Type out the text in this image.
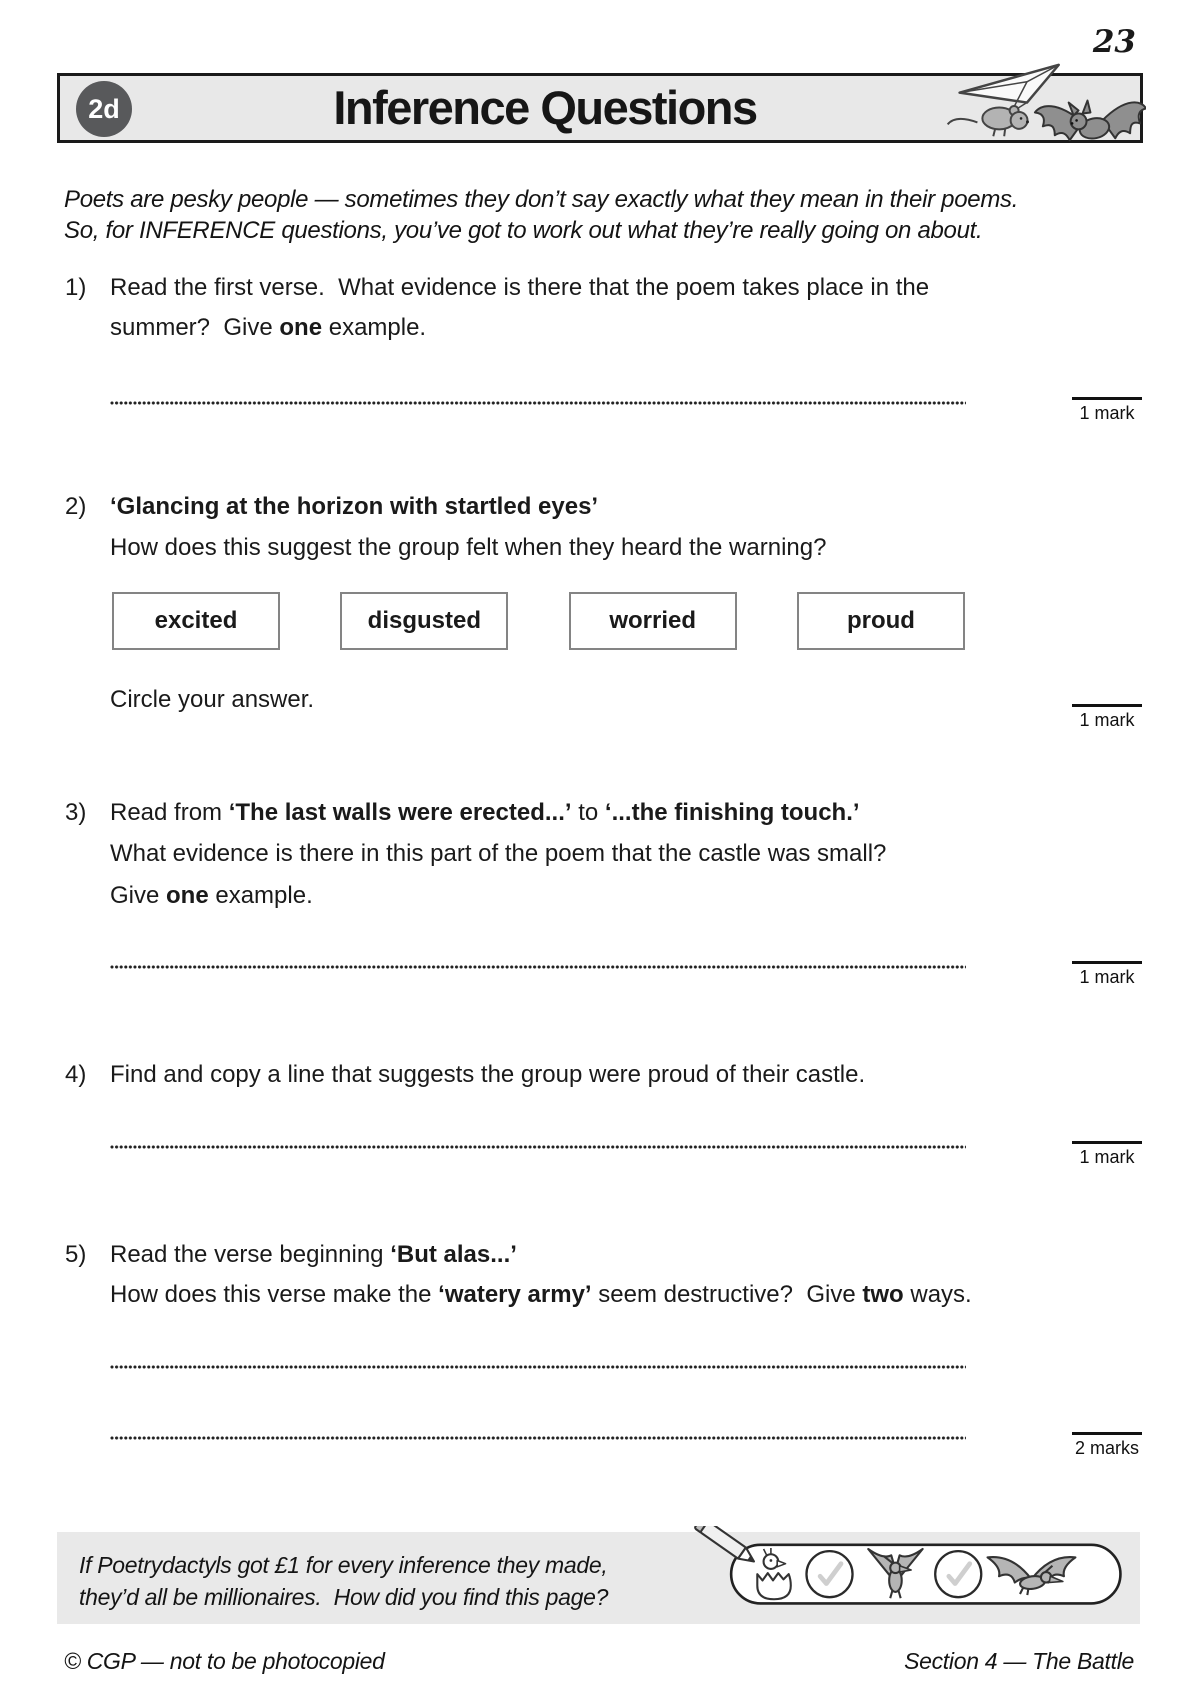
23
2d	Inference Questions

Poets are pesky people — sometimes they don’t say exactly what they mean in their poems.

So, for INFERENCE questions, you’ve got to work out what they’re really going on about.

1) Read the first verse.  What evidence is there that the poem takes place in the
summer?  Give one example.
1 mark
2) ‘Glancing at the horizon with startled eyes’
How does this suggest the group felt when they heard the warning?
excited	disgusted	worried	proud
Circle your answer.
1 mark
3) Read from ‘The last walls were erected...’ to ‘...the finishing touch.’
What evidence is there in this part of the poem that the castle was small?
Give one example.
1 mark
4) Find and copy a line that suggests the group were proud of their castle.
1 mark
5) Read the verse beginning ‘But alas...’
How does this verse make the ‘watery army’ seem destructive?  Give two ways.
2 marks

If Poetrydactyls got £1 for every inference they made,

they’d all be millionaires.  How did you find this page?

© CGP — not to be photocopied	Section 4 — The Battle
